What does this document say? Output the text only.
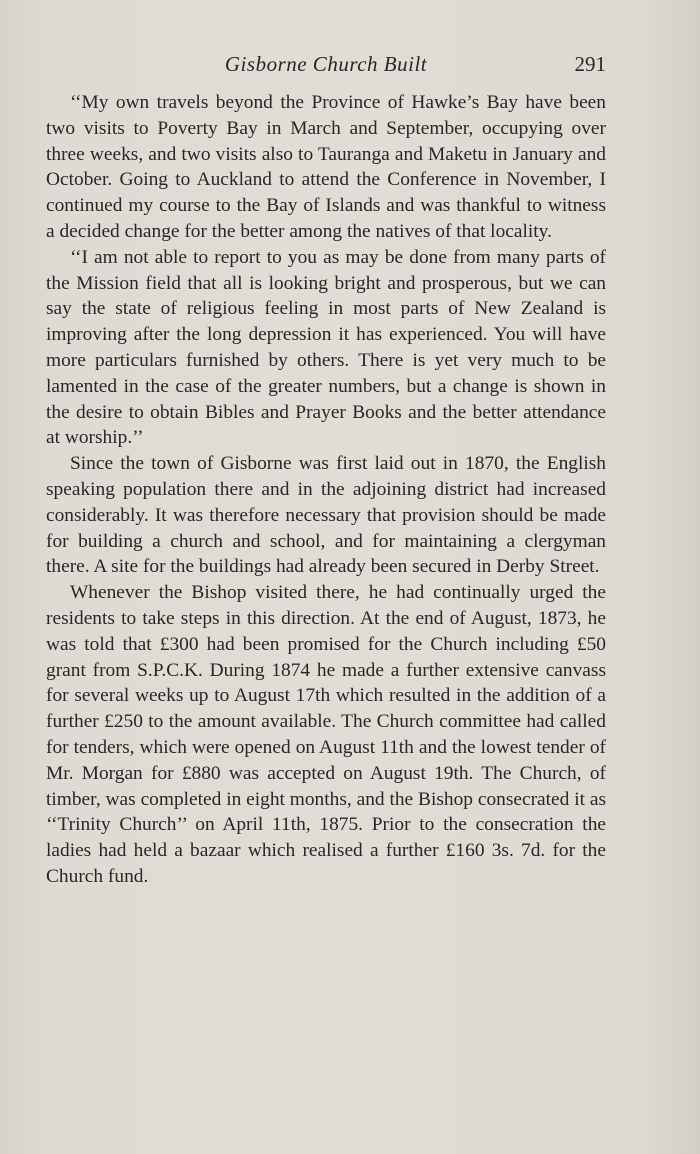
Gisborne Church Built	291

‘‘My own travels beyond the Province of Hawke’s Bay have been two visits to Poverty Bay in March and September, occupying over three weeks, and two visits also to Tauranga and Maketu in January and October. Going to Auckland to attend the Conference in November, I continued my course to the Bay of Islands and was thankful to witness a decided change for the better among the natives of that locality.

‘‘I am not able to report to you as may be done from many parts of the Mission field that all is looking bright and prosperous, but we can say the state of religious feeling in most parts of New Zealand is improving after the long depression it has experienced. You will have more particulars furnished by others. There is yet very much to be lamented in the case of the greater numbers, but a change is shown in the desire to obtain Bibles and Prayer Books and the better attendance at worship.’’

Since the town of Gisborne was first laid out in 1870, the English speaking population there and in the adjoining district had increased considerably. It was therefore necessary that provision should be made for building a church and school, and for maintaining a clergyman there. A site for the buildings had already been secured in Derby Street.

Whenever the Bishop visited there, he had continually urged the residents to take steps in this direction. At the end of August, 1873, he was told that £300 had been promised for the Church including £50 grant from S.P.C.K. During 1874 he made a further extensive canvass for several weeks up to August 17th which resulted in the addition of a further £250 to the amount available. The Church committee had called for tenders, which were opened on August 11th and the lowest tender of Mr. Morgan for £880 was accepted on August 19th. The Church, of timber, was completed in eight months, and the Bishop consecrated it as ‘‘Trinity Church’’ on April 11th, 1875. Prior to the consecration the ladies had held a bazaar which realised a further £160 3s. 7d. for the Church fund.
